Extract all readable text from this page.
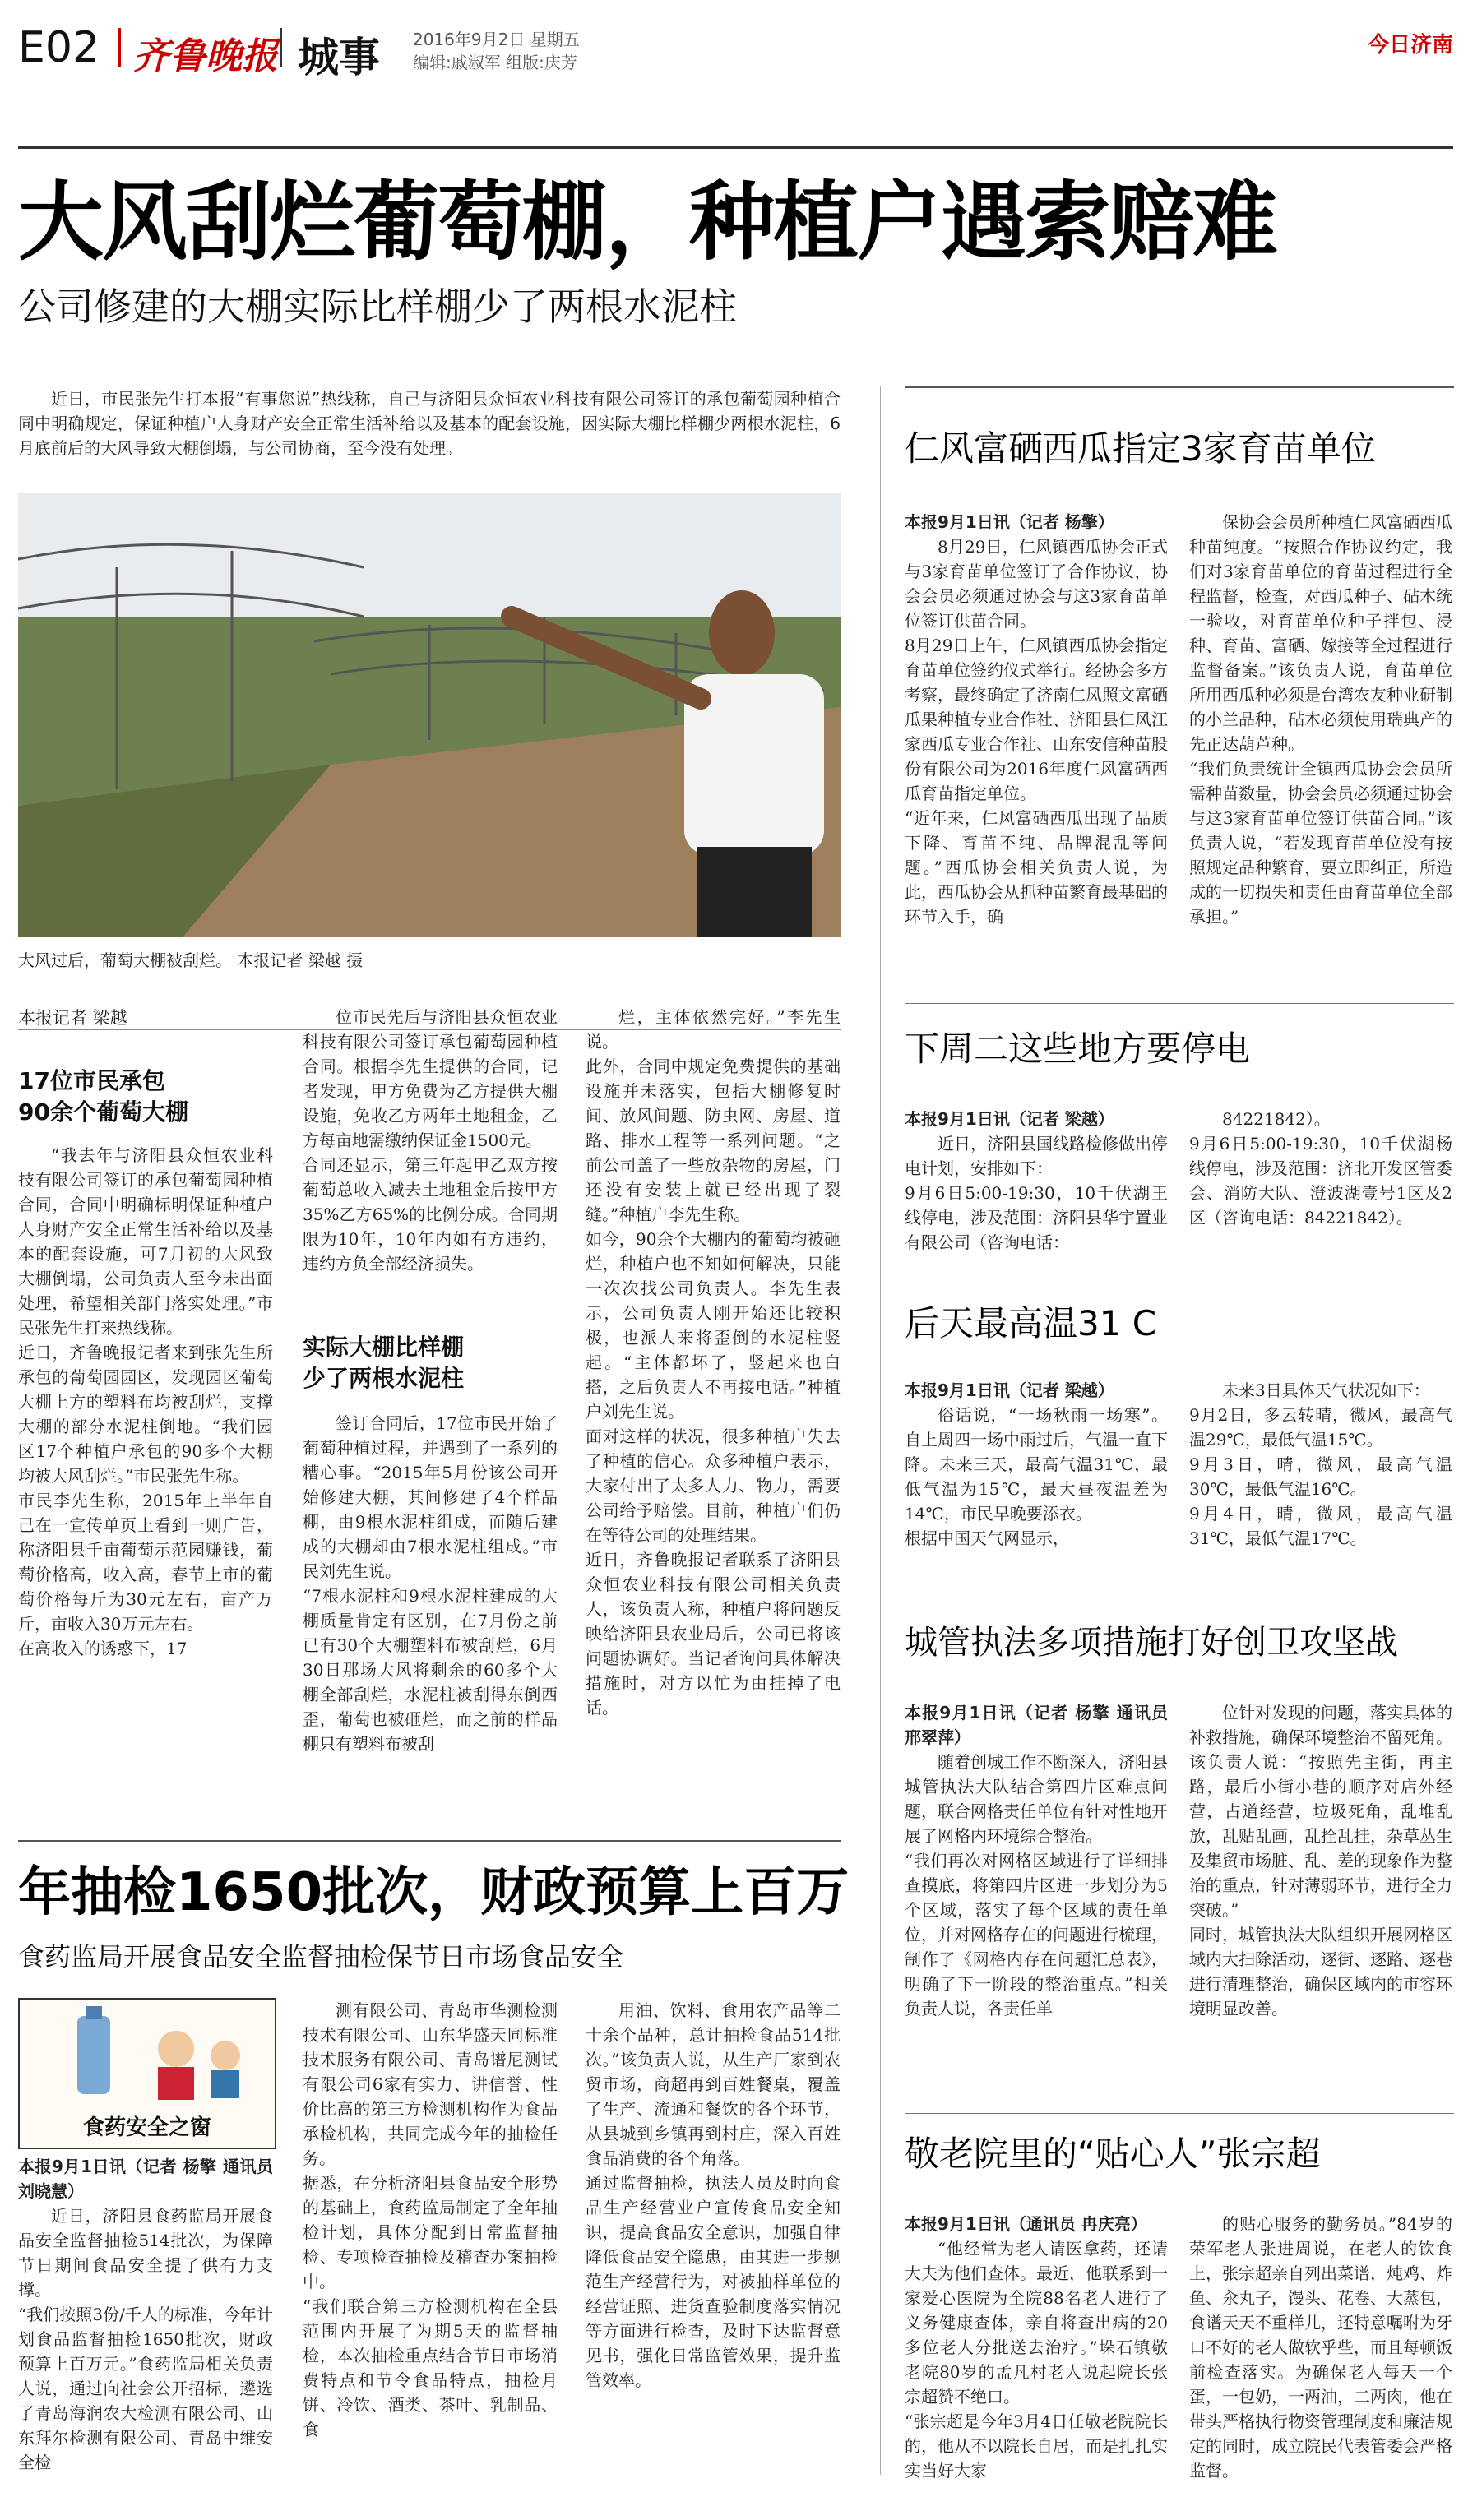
E02 齐鲁晚报 城事 2016年9月2日 星期五
编辑:戚淑军 组版:庆芳
今日济南
大风刮烂葡萄棚，种植户遇索赔难
公司修建的大棚实际比样棚少了两根水泥柱

近日，市民张先生打本报“有事您说”热线称，自己与济阳县众恒农业科技有限公司签订的承包葡萄园种植合同中明确规定，保证种植户人身财产安全正常生活补给以及基本的配套设施，因实际大棚比样棚少两根水泥柱，6月底前后的大风导致大棚倒塌，与公司协商，至今没有处理。

大风过后，葡萄大棚被刮烂。 本报记者 梁越 摄
本报记者 梁越
17位市民承包
90余个葡萄大棚
“我去年与济阳县众恒农业科技有限公司签订的承包葡萄园种植合同，合同中明确标明保证种植户人身财产安全正常生活补给以及基本的配套设施，可7月初的大风致大棚倒塌，公司负责人至今未出面处理，希望相关部门落实处理。”市民张先生打来热线称。
近日，齐鲁晚报记者来到张先生所承包的葡萄园园区，发现园区葡萄大棚上方的塑料布均被刮烂，支撑大棚的部分水泥柱倒地。“我们园区17个种植户承包的90多个大棚均被大风刮烂。”市民张先生称。
市民李先生称，2015年上半年自己在一宣传单页上看到一则广告，称济阳县千亩葡萄示范园赚钱，葡萄价格高，收入高，春节上市的葡萄价格每斤为30元左右，亩产万斤，亩收入30万元左右。
在高收入的诱惑下，17
位市民先后与济阳县众恒农业科技有限公司签订承包葡萄园种植合同。根据李先生提供的合同，记者发现，甲方免费为乙方提供大棚设施，免收乙方两年土地租金，乙方每亩地需缴纳保证金1500元。
合同还显示，第三年起甲乙双方按葡萄总收入减去土地租金后按甲方35%乙方65%的比例分成。合同期限为10年，10年内如有方违约，违约方负全部经济损失。
实际大棚比样棚
少了两根水泥柱
签订合同后，17位市民开始了葡萄种植过程，并遇到了一系列的糟心事。“2015年5月份该公司开始修建大棚，其间修建了4个样品棚，由9根水泥柱组成，而随后建成的大棚却由7根水泥柱组成。”市民刘先生说。
“7根水泥柱和9根水泥柱建成的大棚质量肯定有区别，在7月份之前已有30个大棚塑料布被刮烂，6月30日那场大风将剩余的60多个大棚全部刮烂，水泥柱被刮得东倒西歪，葡萄也被砸烂，而之前的样品棚只有塑料布被刮
烂，主体依然完好。”李先生说。
此外，合同中规定免费提供的基础设施并未落实，包括大棚修复时间、放风间题、防虫网、房屋、道路、排水工程等一系列问题。“之前公司盖了一些放杂物的房屋，门还没有安装上就已经出现了裂缝。”种植户李先生称。
如今，90余个大棚内的葡萄均被砸烂，种植户也不知如何解决，只能一次次找公司负责人。李先生表示，公司负责人刚开始还比较积极，也派人来将歪倒的水泥柱竖起。“主体都坏了，竖起来也白搭，之后负责人不再接电话。”种植户刘先生说。
面对这样的状况，很多种植户失去了种植的信心。众多种植户表示，大家付出了太多人力、物力，需要公司给予赔偿。目前，种植户们仍在等待公司的处理结果。
近日，齐鲁晚报记者联系了济阳县众恒农业科技有限公司相关负责人，该负责人称，种植户将问题反映给济阳县农业局后，公司已将该问题协调好。当记者询问具体解决措施时，对方以忙为由挂掉了电话。
年抽检1650批次，财政预算上百万
食药监局开展食品安全监督抽检保节日市场食品安全
食药安全之窗
本报9月1日讯（记者 杨擎 通讯员 刘晓慧）
近日，济阳县食药监局开展食品安全监督抽检514批次，为保障节日期间食品安全提了供有力支撑。
“我们按照3份/千人的标准，今年计划食品监督抽检1650批次，财政预算上百万元。”食药监局相关负责人说，通过向社会公开招标，遴选了青岛海润农大检测有限公司、山东拜尔检测有限公司、青岛中维安全检
测有限公司、青岛市华测检测技术有限公司、山东华盛天同标准技术服务有限公司、青岛谱尼测试有限公司6家有实力、讲信誉、性价比高的第三方检测机构作为食品承检机构，共同完成今年的抽检任务。
据悉，在分析济阳县食品安全形势的基础上，食药监局制定了全年抽检计划，具体分配到日常监督抽检、专项检查抽检及稽查办案抽检中。
“我们联合第三方检测机构在全县范围内开展了为期5天的监督抽检，本次抽检重点结合节日市场消费特点和节令食品特点，抽检月饼、冷饮、酒类、茶叶、乳制品、食
用油、饮料、食用农产品等二十余个品种，总计抽检食品514批次。”该负责人说，从生产厂家到农贸市场，商超再到百姓餐桌，覆盖了生产、流通和餐饮的各个环节，从县城到乡镇再到村庄，深入百姓食品消费的各个角落。
通过监督抽检，执法人员及时向食品生产经营业户宣传食品安全知识，提高食品安全意识，加强自律降低食品安全隐患，由其进一步规范生产经营行为，对被抽样单位的经营证照、进货查验制度落实情况等方面进行检查，及时下达监督意见书，强化日常监管效果，提升监管效率。
仁风富硒西瓜指定3家育苗单位
本报9月1日讯（记者 杨擎）
8月29日，仁风镇西瓜协会正式与3家育苗单位签订了合作协议，协会会员必须通过协会与这3家育苗单位签订供苗合同。
8月29日上午，仁风镇西瓜协会指定育苗单位签约仪式举行。经协会多方考察，最终确定了济南仁凤照文富硒瓜果种植专业合作社、济阳县仁风江家西瓜专业合作社、山东安信种苗股份有限公司为2016年度仁风富硒西瓜育苗指定单位。
“近年来，仁风富硒西瓜出现了品质下降、育苗不纯、品牌混乱等问题。”西瓜协会相关负责人说，为此，西瓜协会从抓种苗繁育最基础的环节入手，确
保协会会员所种植仁风富硒西瓜种苗纯度。“按照合作协议约定，我们对3家育苗单位的育苗过程进行全程监督，检查，对西瓜种子、砧木统一验收，对育苗单位种子拌包、浸种、育苗、富硒、嫁接等全过程进行监督备案。”该负责人说，育苗单位所用西瓜种必须是台湾农友种业研制的小兰品种，砧木必须使用瑞典产的先正达葫芦种。
“我们负责统计全镇西瓜协会会员所需种苗数量，协会会员必须通过协会与这3家育苗单位签订供苗合同。”该负责人说，“若发现育苗单位没有按照规定品种繁育，要立即纠正，所造成的一切损失和责任由育苗单位全部承担。”
下周二这些地方要停电
本报9月1日讯（记者 梁越）
近日，济阳县国线路检修做出停电计划，安排如下：
9月6日5:00-19:30，10千伏湖王线停电，涉及范围：济阳县华宇置业有限公司（咨询电话：
84221842）。
9月6日5:00-19:30，10千伏湖杨线停电，涉及范围：济北开发区管委会、消防大队、澄波湖壹号1区及2区（咨询电话：84221842）。
后天最高温31 C
本报9月1日讯（记者 梁越）
俗话说，“一场秋雨一场寒”。自上周四一场中雨过后，气温一直下降。未来三天，最高气温31℃，最低气温为15℃，最大昼夜温差为14℃，市民早晚要添衣。
根据中国天气网显示，
未来3日具体天气状况如下：
9月2日，多云转晴，微风，最高气温29℃，最低气温15℃。
9月3日，晴，微风，最高气温30℃，最低气温16℃。
9月4日，晴，微风，最高气温31℃，最低气温17℃。
城管执法多项措施打好创卫攻坚战
本报9月1日讯（记者 杨擎 通讯员 邢翠萍）
随着创城工作不断深入，济阳县城管执法大队结合第四片区难点问题，联合网格责任单位有针对性地开展了网格内环境综合整治。
“我们再次对网格区域进行了详细排查摸底，将第四片区进一步划分为5个区域，落实了每个区域的责任单位，并对网格存在的问题进行梳理，制作了《网格内存在问题汇总表》，明确了下一阶段的整治重点。”相关负责人说，各责任单
位针对发现的问题，落实具体的补救措施，确保环境整治不留死角。
该负责人说：“按照先主街，再主路，最后小街小巷的顺序对店外经营，占道经营，垃圾死角，乱堆乱放，乱贴乱画，乱拴乱挂，杂草丛生及集贸市场脏、乱、差的现象作为整治的重点，针对薄弱环节，进行全力突破。”
同时，城管执法大队组织开展网格区域内大扫除活动，逐街、逐路、逐巷进行清理整治，确保区域内的市容环境明显改善。
敬老院里的“贴心人”张宗超
本报9月1日讯（通讯员 冉庆亮）
“他经常为老人请医拿药，还请大夫为他们查体。最近，他联系到一家爱心医院为全院88名老人进行了义务健康查体，亲自将查出病的20多位老人分批送去治疗。”垛石镇敬老院80岁的孟凡村老人说起院长张宗超赞不绝口。
“张宗超是今年3月4日任敬老院院长的，他从不以院长自居，而是扎扎实实当好大家
的贴心服务的勤务员。”84岁的荣军老人张进周说，在老人的饮食上，张宗超亲自列出菜谱，炖鸡、炸鱼、汆丸子，馒头、花卷、大蒸包，食谱天天不重样儿，还特意嘱咐为牙口不好的老人做软乎些，而且每顿饭前检查落实。为确保老人每天一个蛋，一包奶，一两油，二两肉，他在带头严格执行物资管理制度和廉洁规定的同时，成立院民代表管委会严格监督。
